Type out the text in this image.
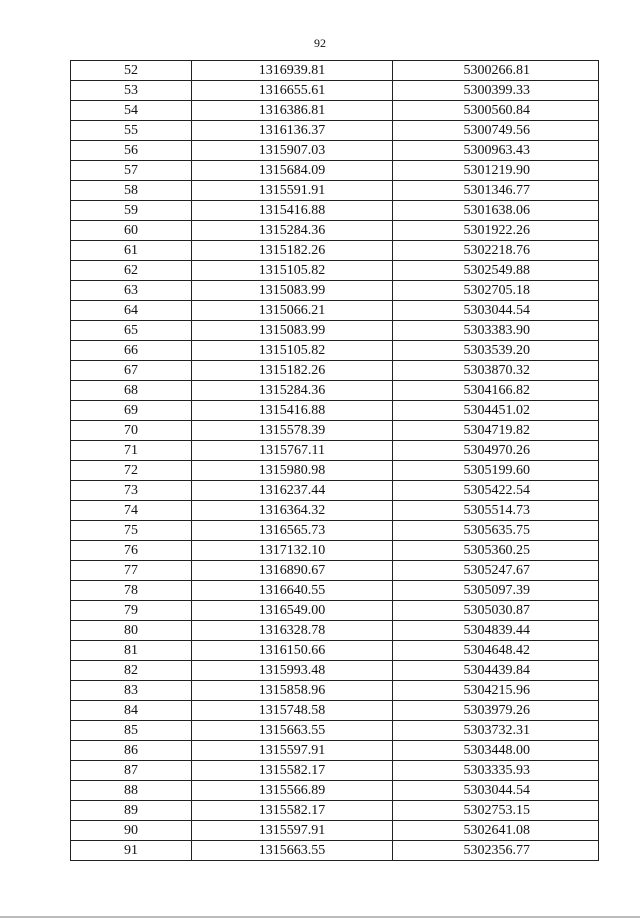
92
52	1316939.81	5300266.81
53	1316655.61	5300399.33
54	1316386.81	5300560.84
55	1316136.37	5300749.56
56	1315907.03	5300963.43
57	1315684.09	5301219.90
58	1315591.91	5301346.77
59	1315416.88	5301638.06
60	1315284.36	5301922.26
61	1315182.26	5302218.76
62	1315105.82	5302549.88
63	1315083.99	5302705.18
64	1315066.21	5303044.54
65	1315083.99	5303383.90
66	1315105.82	5303539.20
67	1315182.26	5303870.32
68	1315284.36	5304166.82
69	1315416.88	5304451.02
70	1315578.39	5304719.82
71	1315767.11	5304970.26
72	1315980.98	5305199.60
73	1316237.44	5305422.54
74	1316364.32	5305514.73
75	1316565.73	5305635.75
76	1317132.10	5305360.25
77	1316890.67	5305247.67
78	1316640.55	5305097.39
79	1316549.00	5305030.87
80	1316328.78	5304839.44
81	1316150.66	5304648.42
82	1315993.48	5304439.84
83	1315858.96	5304215.96
84	1315748.58	5303979.26
85	1315663.55	5303732.31
86	1315597.91	5303448.00
87	1315582.17	5303335.93
88	1315566.89	5303044.54
89	1315582.17	5302753.15
90	1315597.91	5302641.08
91	1315663.55	5302356.77
